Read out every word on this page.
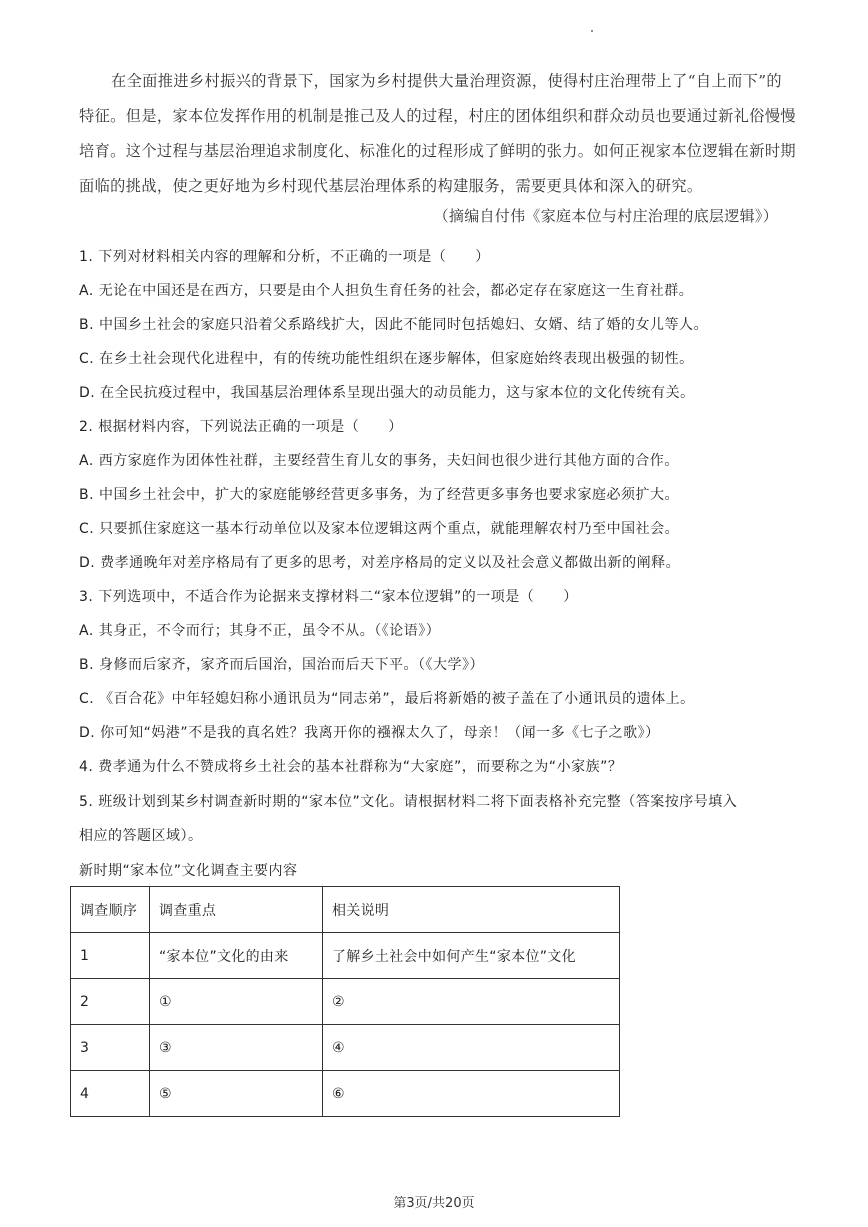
在全面推进乡村振兴的背景下，国家为乡村提供大量治理资源，使得村庄治理带上了“自上而下”的
特征。但是，家本位发挥作用的机制是推己及人的过程，村庄的团体组织和群众动员也要通过新礼俗慢慢
培育。这个过程与基层治理追求制度化、标准化的过程形成了鲜明的张力。如何正视家本位逻辑在新时期
面临的挑战，使之更好地为乡村现代基层治理体系的构建服务，需要更具体和深入的研究。
（摘编自付伟《家庭本位与村庄治理的底层逻辑》）
1. 下列对材料相关内容的理解和分析，不正确的一项是（　　）
A. 无论在中国还是在西方，只要是由个人担负生育任务的社会，都必定存在家庭这一生育社群。
B. 中国乡土社会的家庭只沿着父系路线扩大，因此不能同时包括媳妇、女婿、结了婚的女儿等人。
C. 在乡土社会现代化进程中，有的传统功能性组织在逐步解体，但家庭始终表现出极强的韧性。
D. 在全民抗疫过程中，我国基层治理体系呈现出强大的动员能力，这与家本位的文化传统有关。
2. 根据材料内容，下列说法正确的一项是（　　）
A. 西方家庭作为团体性社群，主要经营生育儿女的事务，夫妇间也很少进行其他方面的合作。
B. 中国乡土社会中，扩大的家庭能够经营更多事务，为了经营更多事务也要求家庭必须扩大。
C. 只要抓住家庭这一基本行动单位以及家本位逻辑这两个重点，就能理解农村乃至中国社会。
D. 费孝通晚年对差序格局有了更多的思考，对差序格局的定义以及社会意义都做出新的阐释。
3. 下列选项中，不适合作为论据来支撑材料二“家本位逻辑”的一项是（　　）
A. 其身正，不令而行；其身不正，虽令不从。（《论语》）
B. 身修而后家齐，家齐而后国治，国治而后天下平。（《大学》）
C. 《百合花》中年轻媳妇称小通讯员为“同志弟”，最后将新婚的被子盖在了小通讯员的遗体上。
D. 你可知“妈港”不是我的真名姓？我离开你的襁褓太久了，母亲！（闻一多《七子之歌》）
4. 费孝通为什么不赞成将乡土社会的基本社群称为“大家庭”，而要称之为“小家族”？
5. 班级计划到某乡村调查新时期的“家本位”文化。请根据材料二将下面表格补充完整（答案按序号填入
相应的答题区域）。
新时期“家本位”文化调查主要内容
调查顺序	调查重点	相关说明
1	“家本位”文化的由来	了解乡土社会中如何产生“家本位”文化
2	①	②
3	③	④
4	⑤	⑥
第3页/共20页
